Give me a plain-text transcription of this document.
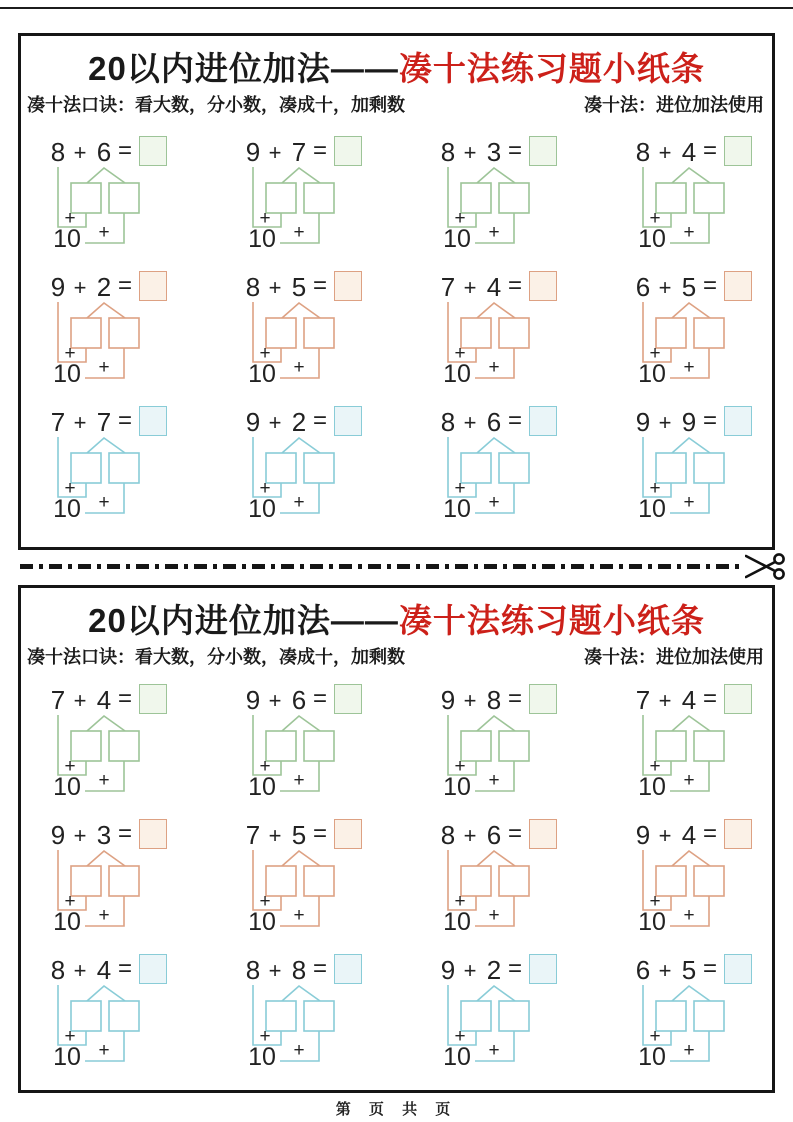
20以内进位加法——凑十法练习题小纸条
凑十法口诀：看大数，分小数，凑成十，加剩数	凑十法：进位加法使用
8 + 6 =
+
10 +
9 + 7 =
+
10 +
8 + 3 =
+
10 +
8 + 4 =
+
10 +
9 + 2 =
+
10 +
8 + 5 =
+
10 +
7 + 4 =
+
10 +
6 + 5 =
+
10 +
7 + 7 =
+
10 +
9 + 2 =
+
10 +
8 + 6 =
+
10 +
9 + 9 =
+
10 +
20以内进位加法——凑十法练习题小纸条
凑十法口诀：看大数，分小数，凑成十，加剩数	凑十法：进位加法使用
7 + 4 =
+
10 +
9 + 6 =
+
10 +
9 + 8 =
+
10 +
7 + 4 =
+
10 +
9 + 3 =
+
10 +
7 + 5 =
+
10 +
8 + 6 =
+
10 +
9 + 4 =
+
10 +
8 + 4 =
+
10 +
8 + 8 =
+
10 +
9 + 2 =
+
10 +
6 + 5 =
+
10 +
第 页 共 页
